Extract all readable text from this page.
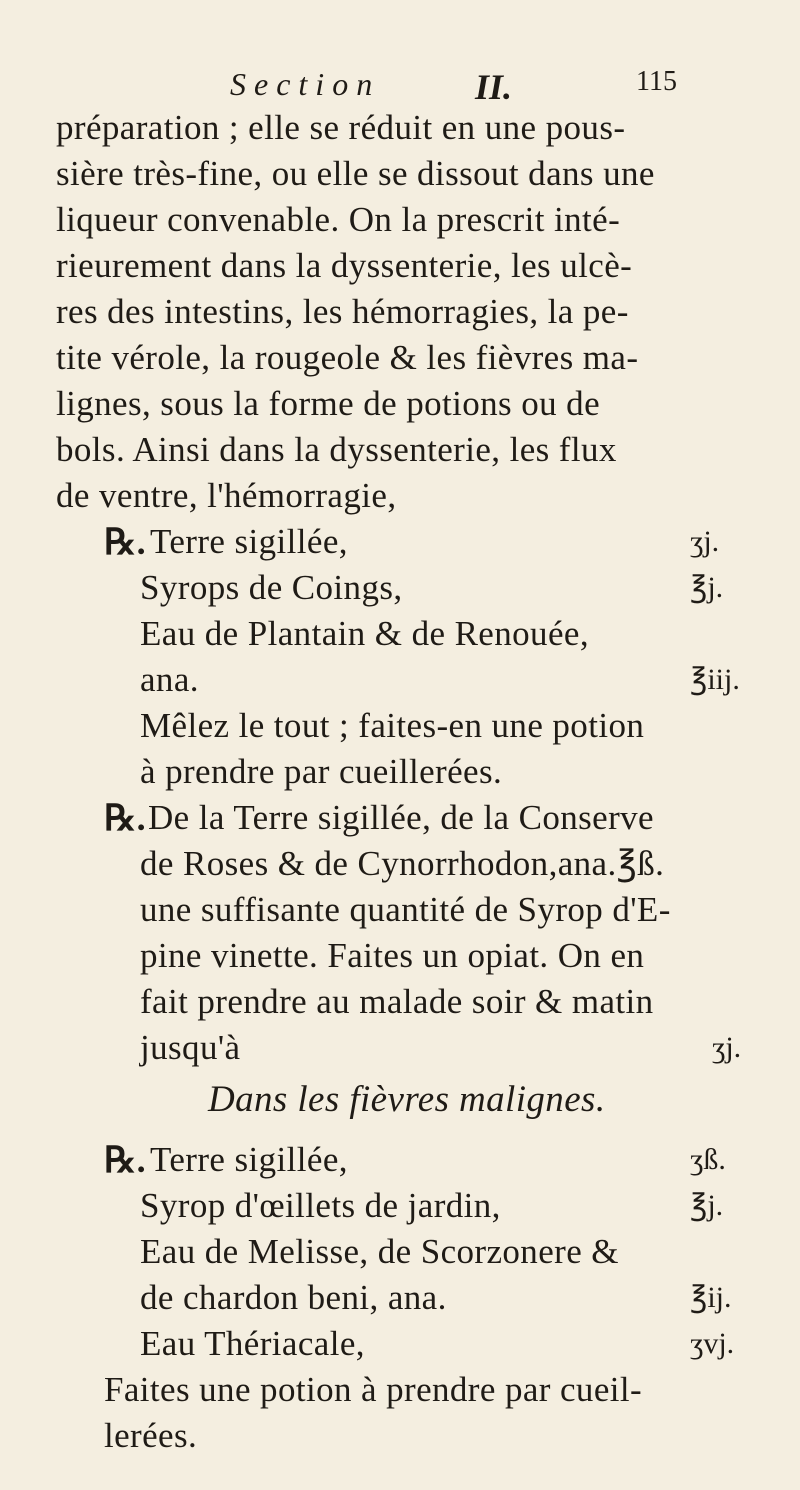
Section	II.	115
préparation ; elle se réduit en une pous-
sière très-fine, ou elle se dissout dans une
liqueur convenable. On la prescrit inté-
rieurement dans la dyssenterie, les ulcè-
res des intestins, les hémorragies, la pe-
tite vérole, la rougeole & les fièvres ma-
lignes, sous la forme de potions ou de
bols. Ainsi dans la dyssenterie, les flux
de ventre, l'hémorragie,
℞. Terre sigillée,	ʒj.
Syrops de Coings,	℥j.
Eau de Plantain & de Renouée,
ana.	℥iij.
Mêlez le tout ; faites-en une potion
à prendre par cueillerées.
℞. De la Terre sigillée, de la Conserve
de Roses & de Cynorrhodon,ana.℥ß.
une suffisante quantité de Syrop d'E-
pine vinette. Faites un opiat. On en
fait prendre au malade soir & matin
jusqu'à	ʒj.
Dans les fièvres malignes.
℞. Terre sigillée,	ʒß.
Syrop d'œillets de jardin,	℥j.
Eau de Melisse, de Scorzonere &
de chardon beni, ana.	℥ij.
Eau Thériacale,	ʒvj.
Faites une potion à prendre par cueil-
lerées.
